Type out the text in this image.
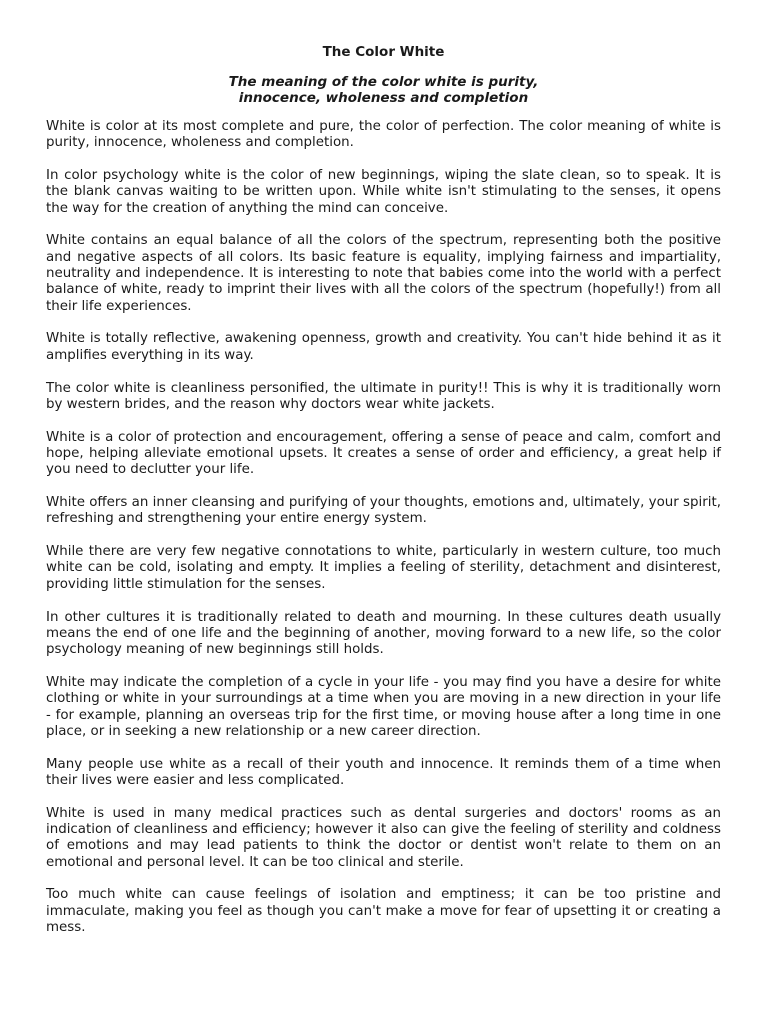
The Color White
The meaning of the color white is purity,
innocence, wholeness and completion

White is color at its most complete and pure, the color of perfection. The color meaning of white is purity, innocence, wholeness and completion.

In color psychology white is the color of new beginnings, wiping the slate clean, so to speak. It is the blank canvas waiting to be written upon. While white isn't stimulating to the senses, it opens the way for the creation of anything the mind can conceive.

White contains an equal balance of all the colors of the spectrum, representing both the positive and negative aspects of all colors. Its basic feature is equality, implying fairness and impartiality, neutrality and independence. It is interesting to note that babies come into the world with a perfect balance of white, ready to imprint their lives with all the colors of the spectrum (hopefully!) from all their life experiences.

White is totally reflective, awakening openness, growth and creativity. You can't hide behind it as it amplifies everything in its way.

The color white is cleanliness personified, the ultimate in purity!! This is why it is traditionally worn by western brides, and the reason why doctors wear white jackets.

White is a color of protection and encouragement, offering a sense of peace and calm, comfort and hope, helping alleviate emotional upsets. It creates a sense of order and efficiency, a great help if you need to declutter your life.

White offers an inner cleansing and purifying of your thoughts, emotions and, ultimately, your spirit, refreshing and strengthening your entire energy system.

While there are very few negative connotations to white, particularly in western culture, too much white can be cold, isolating and empty. It implies a feeling of sterility, detachment and disinterest, providing little stimulation for the senses.

In other cultures it is traditionally related to death and mourning. In these cultures death usually means the end of one life and the beginning of another, moving forward to a new life, so the color psychology meaning of new beginnings still holds.

White may indicate the completion of a cycle in your life - you may find you have a desire for white clothing or white in your surroundings at a time when you are moving in a new direction in your life - for example, planning an overseas trip for the first time, or moving house after a long time in one place, or in seeking a new relationship or a new career direction.

Many people use white as a recall of their youth and innocence. It reminds them of a time when their lives were easier and less complicated.

White is used in many medical practices such as dental surgeries and doctors' rooms as an indication of cleanliness and efficiency; however it also can give the feeling of sterility and coldness of emotions and may lead patients to think the doctor or dentist won't relate to them on an emotional and personal level. It can be too clinical and sterile.

Too much white can cause feelings of isolation and emptiness; it can be too pristine and immaculate, making you feel as though you can't make a move for fear of upsetting it or creating a mess.
